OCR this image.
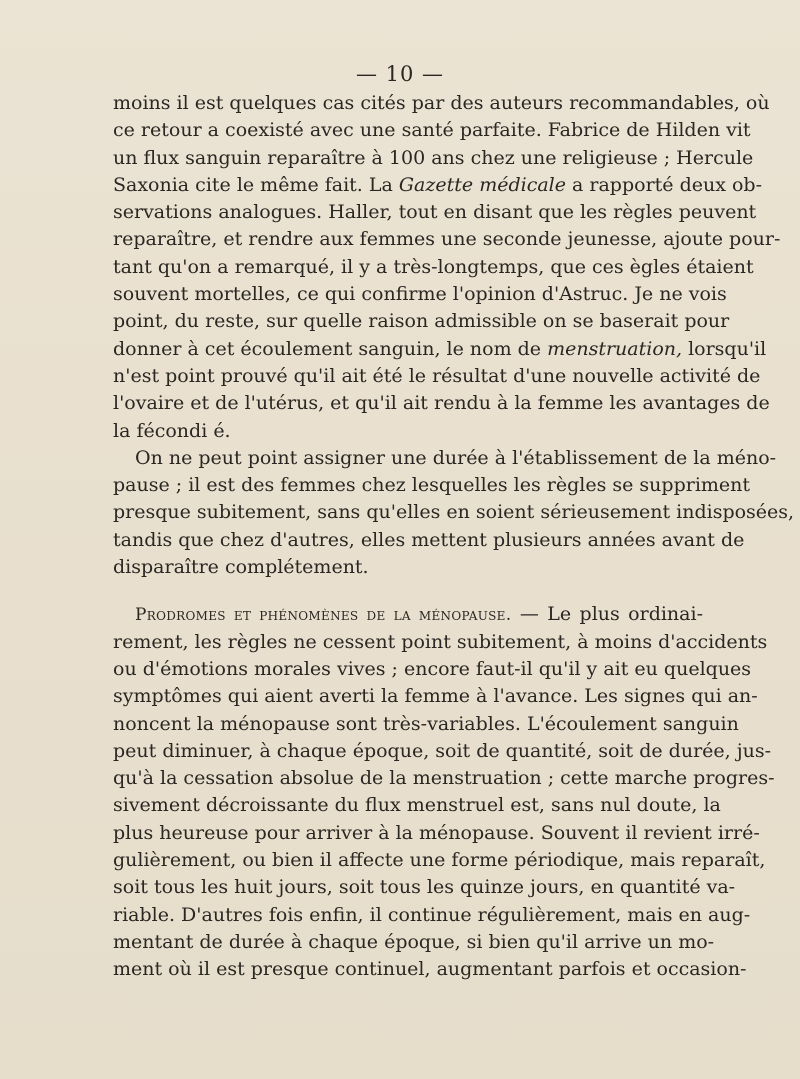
— 10 —
moins il est quelques cas cités par des auteurs recommandables, où
ce retour a coexisté avec une santé parfaite. Fabrice de Hilden vit
un flux sanguin reparaître à 100 ans chez une religieuse ; Hercule
Saxonia cite le même fait. La Gazette médicale a rapporté deux ob-
servations analogues. Haller, tout en disant que les règles peuvent
reparaître, et rendre aux femmes une seconde jeunesse, ajoute pour-
tant qu'on a remarqué, il y a très-longtemps, que ces ègles étaient
souvent mortelles, ce qui confirme l'opinion d'Astruc. Je ne vois
point, du reste, sur quelle raison admissible on se baserait pour
donner à cet écoulement sanguin, le nom de menstruation, lorsqu'il
n'est point prouvé qu'il ait été le résultat d'une nouvelle activité de
l'ovaire et de l'utérus, et qu'il ait rendu à la femme les avantages de
la fécondi é.
On ne peut point assigner une durée à l'établissement de la méno-
pause ; il est des femmes chez lesquelles les règles se suppriment
presque subitement, sans qu'elles en soient sérieusement indisposées,
tandis que chez d'autres, elles mettent plusieurs années avant de
disparaître complétement.
Prodromes et phénomènes de la ménopause. — Le plus ordinai-
rement, les règles ne cessent point subitement, à moins d'accidents
ou d'émotions morales vives ; encore faut-il qu'il y ait eu quelques
symptômes qui aient averti la femme à l'avance. Les signes qui an-
noncent la ménopause sont très-variables. L'écoulement sanguin
peut diminuer, à chaque époque, soit de quantité, soit de durée, jus-
qu'à la cessation absolue de la menstruation ; cette marche progres-
sivement décroissante du flux menstruel est, sans nul doute, la
plus heureuse pour arriver à la ménopause. Souvent il revient irré-
gulièrement, ou bien il affecte une forme périodique, mais reparaît,
soit tous les huit jours, soit tous les quinze jours, en quantité va-
riable. D'autres fois enfin, il continue régulièrement, mais en aug-
mentant de durée à chaque époque, si bien qu'il arrive un mo-
ment où il est presque continuel, augmentant parfois et occasion-
